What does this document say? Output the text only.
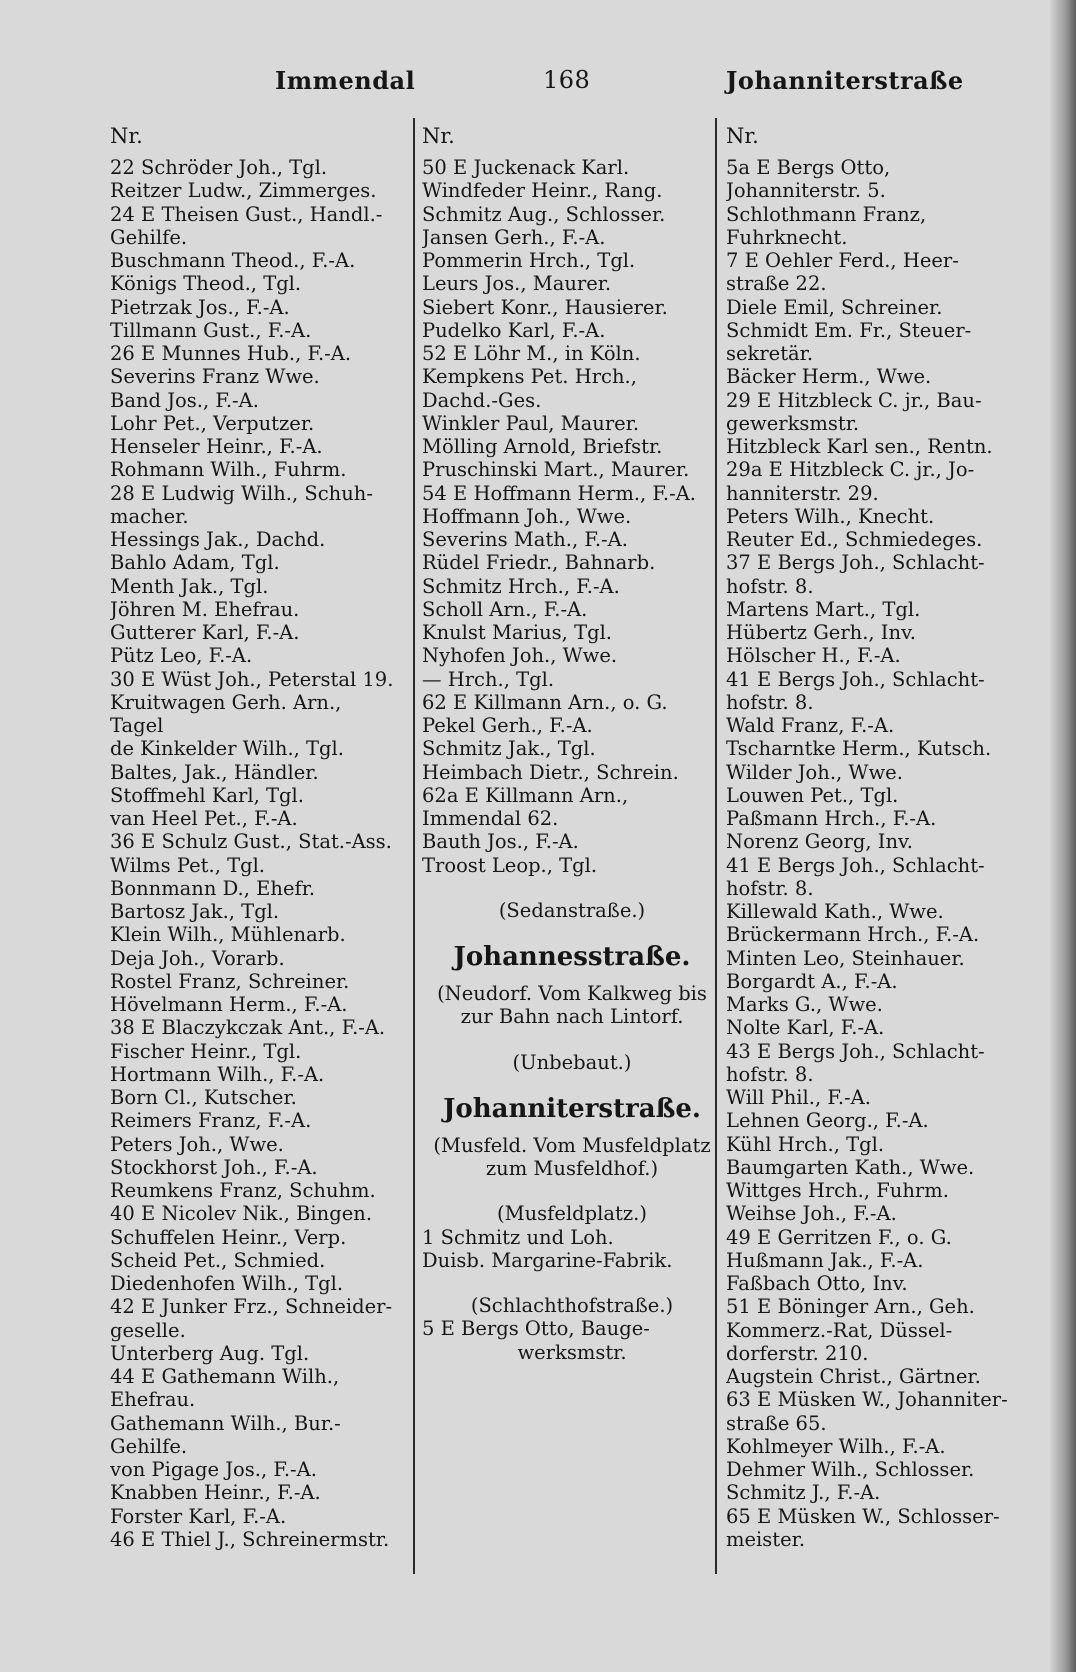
Immendal	168	Johanniterstraße
Nr.
22 Schröder Joh., Tgl.
Reitzer Ludw., Zimmerges.
24 E Theisen Gust., Handl.-
Gehilfe.
Buschmann Theod., F.-A.
Königs Theod., Tgl.
Pietrzak Jos., F.-A.
Tillmann Gust., F.-A.
26 E Munnes Hub., F.-A.
Severins Franz Wwe.
Band Jos., F.-A.
Lohr Pet., Verputzer.
Henseler Heinr., F.-A.
Rohmann Wilh., Fuhrm.
28 E Ludwig Wilh., Schuh-
macher.
Hessings Jak., Dachd.
Bahlo Adam, Tgl.
Menth Jak., Tgl.
Jöhren M. Ehefrau.
Gutterer Karl, F.-A.
Pütz Leo, F.-A.
30 E Wüst Joh., Peterstal 19.
Kruitwagen Gerh. Arn.,
Tagel
de Kinkelder Wilh., Tgl.
Baltes, Jak., Händler.
Stoffmehl Karl, Tgl.
van Heel Pet., F.-A.
36 E Schulz Gust., Stat.-Ass.
Wilms Pet., Tgl.
Bonnmann D., Ehefr.
Bartosz Jak., Tgl.
Klein Wilh., Mühlenarb.
Deja Joh., Vorarb.
Rostel Franz, Schreiner.
Hövelmann Herm., F.-A.
38 E Blaczykczak Ant., F.-A.
Fischer Heinr., Tgl.
Hortmann Wilh., F.-A.
Born Cl., Kutscher.
Reimers Franz, F.-A.
Peters Joh., Wwe.
Stockhorst Joh., F.-A.
Reumkens Franz, Schuhm.
40 E Nicolev Nik., Bingen.
Schuffelen Heinr., Verp.
Scheid Pet., Schmied.
Diedenhofen Wilh., Tgl.
42 E Junker Frz., Schneider-
geselle.
Unterberg Aug. Tgl.
44 E Gathemann Wilh.,
Ehefrau.
Gathemann Wilh., Bur.-
Gehilfe.
von Pigage Jos., F.-A.
Knabben Heinr., F.-A.
Forster Karl, F.-A.
46 E Thiel J., Schreinermstr.
Nr.
50 E Juckenack Karl.
Windfeder Heinr., Rang.
Schmitz Aug., Schlosser.
Jansen Gerh., F.-A.
Pommerin Hrch., Tgl.
Leurs Jos., Maurer.
Siebert Konr., Hausierer.
Pudelko Karl, F.-A.
52 E Löhr M., in Köln.
Kempkens Pet. Hrch.,
Dachd.-Ges.
Winkler Paul, Maurer.
Mölling Arnold, Briefstr.
Pruschinski Mart., Maurer.
54 E Hoffmann Herm., F.-A.
Hoffmann Joh., Wwe.
Severins Math., F.-A.
Rüdel Friedr., Bahnarb.
Schmitz Hrch., F.-A.
Scholl Arn., F.-A.
Knulst Marius, Tgl.
Nyhofen Joh., Wwe.
— Hrch., Tgl.
62 E Killmann Arn., o. G.
Pekel Gerh., F.-A.
Schmitz Jak., Tgl.
Heimbach Dietr., Schrein.
62a E Killmann Arn.,
Immendal 62.
Bauth Jos., F.-A.
Troost Leop., Tgl.
(Sedanstraße.)
Johannesstraße.
(Neudorf. Vom Kalkweg bis
zur Bahn nach Lintorf.
(Unbebaut.)
Johanniterstraße.
(Musfeld. Vom Musfeldplatz
zum Musfeldhof.)
(Musfeldplatz.)
1 Schmitz und Loh.
Duisb. Margarine-Fabrik.
(Schlachthofstraße.)
5 E Bergs Otto, Bauge-
werksmstr.
Nr.
5a E Bergs Otto,
Johanniterstr. 5.
Schlothmann Franz,
Fuhrknecht.
7 E Oehler Ferd., Heer-
straße 22.
Diele Emil, Schreiner.
Schmidt Em. Fr., Steuer-
sekretär.
Bäcker Herm., Wwe.
29 E Hitzbleck C. jr., Bau-
gewerksmstr.
Hitzbleck Karl sen., Rentn.
29a E Hitzbleck C. jr., Jo-
hanniterstr. 29.
Peters Wilh., Knecht.
Reuter Ed., Schmiedeges.
37 E Bergs Joh., Schlacht-
hofstr. 8.
Martens Mart., Tgl.
Hübertz Gerh., Inv.
Hölscher H., F.-A.
41 E Bergs Joh., Schlacht-
hofstr. 8.
Wald Franz, F.-A.
Tscharntke Herm., Kutsch.
Wilder Joh., Wwe.
Louwen Pet., Tgl.
Paßmann Hrch., F.-A.
Norenz Georg, Inv.
41 E Bergs Joh., Schlacht-
hofstr. 8.
Killewald Kath., Wwe.
Brückermann Hrch., F.-A.
Minten Leo, Steinhauer.
Borgardt A., F.-A.
Marks G., Wwe.
Nolte Karl, F.-A.
43 E Bergs Joh., Schlacht-
hofstr. 8.
Will Phil., F.-A.
Lehnen Georg., F.-A.
Kühl Hrch., Tgl.
Baumgarten Kath., Wwe.
Wittges Hrch., Fuhrm.
Weihse Joh., F.-A.
49 E Gerritzen F., o. G.
Hußmann Jak., F.-A.
Faßbach Otto, Inv.
51 E Böninger Arn., Geh.
Kommerz.-Rat, Düssel-
dorferstr. 210.
Augstein Christ., Gärtner.
63 E Müsken W., Johanniter-
straße 65.
Kohlmeyer Wilh., F.-A.
Dehmer Wilh., Schlosser.
Schmitz J., F.-A.
65 E Müsken W., Schlosser-
meister.
